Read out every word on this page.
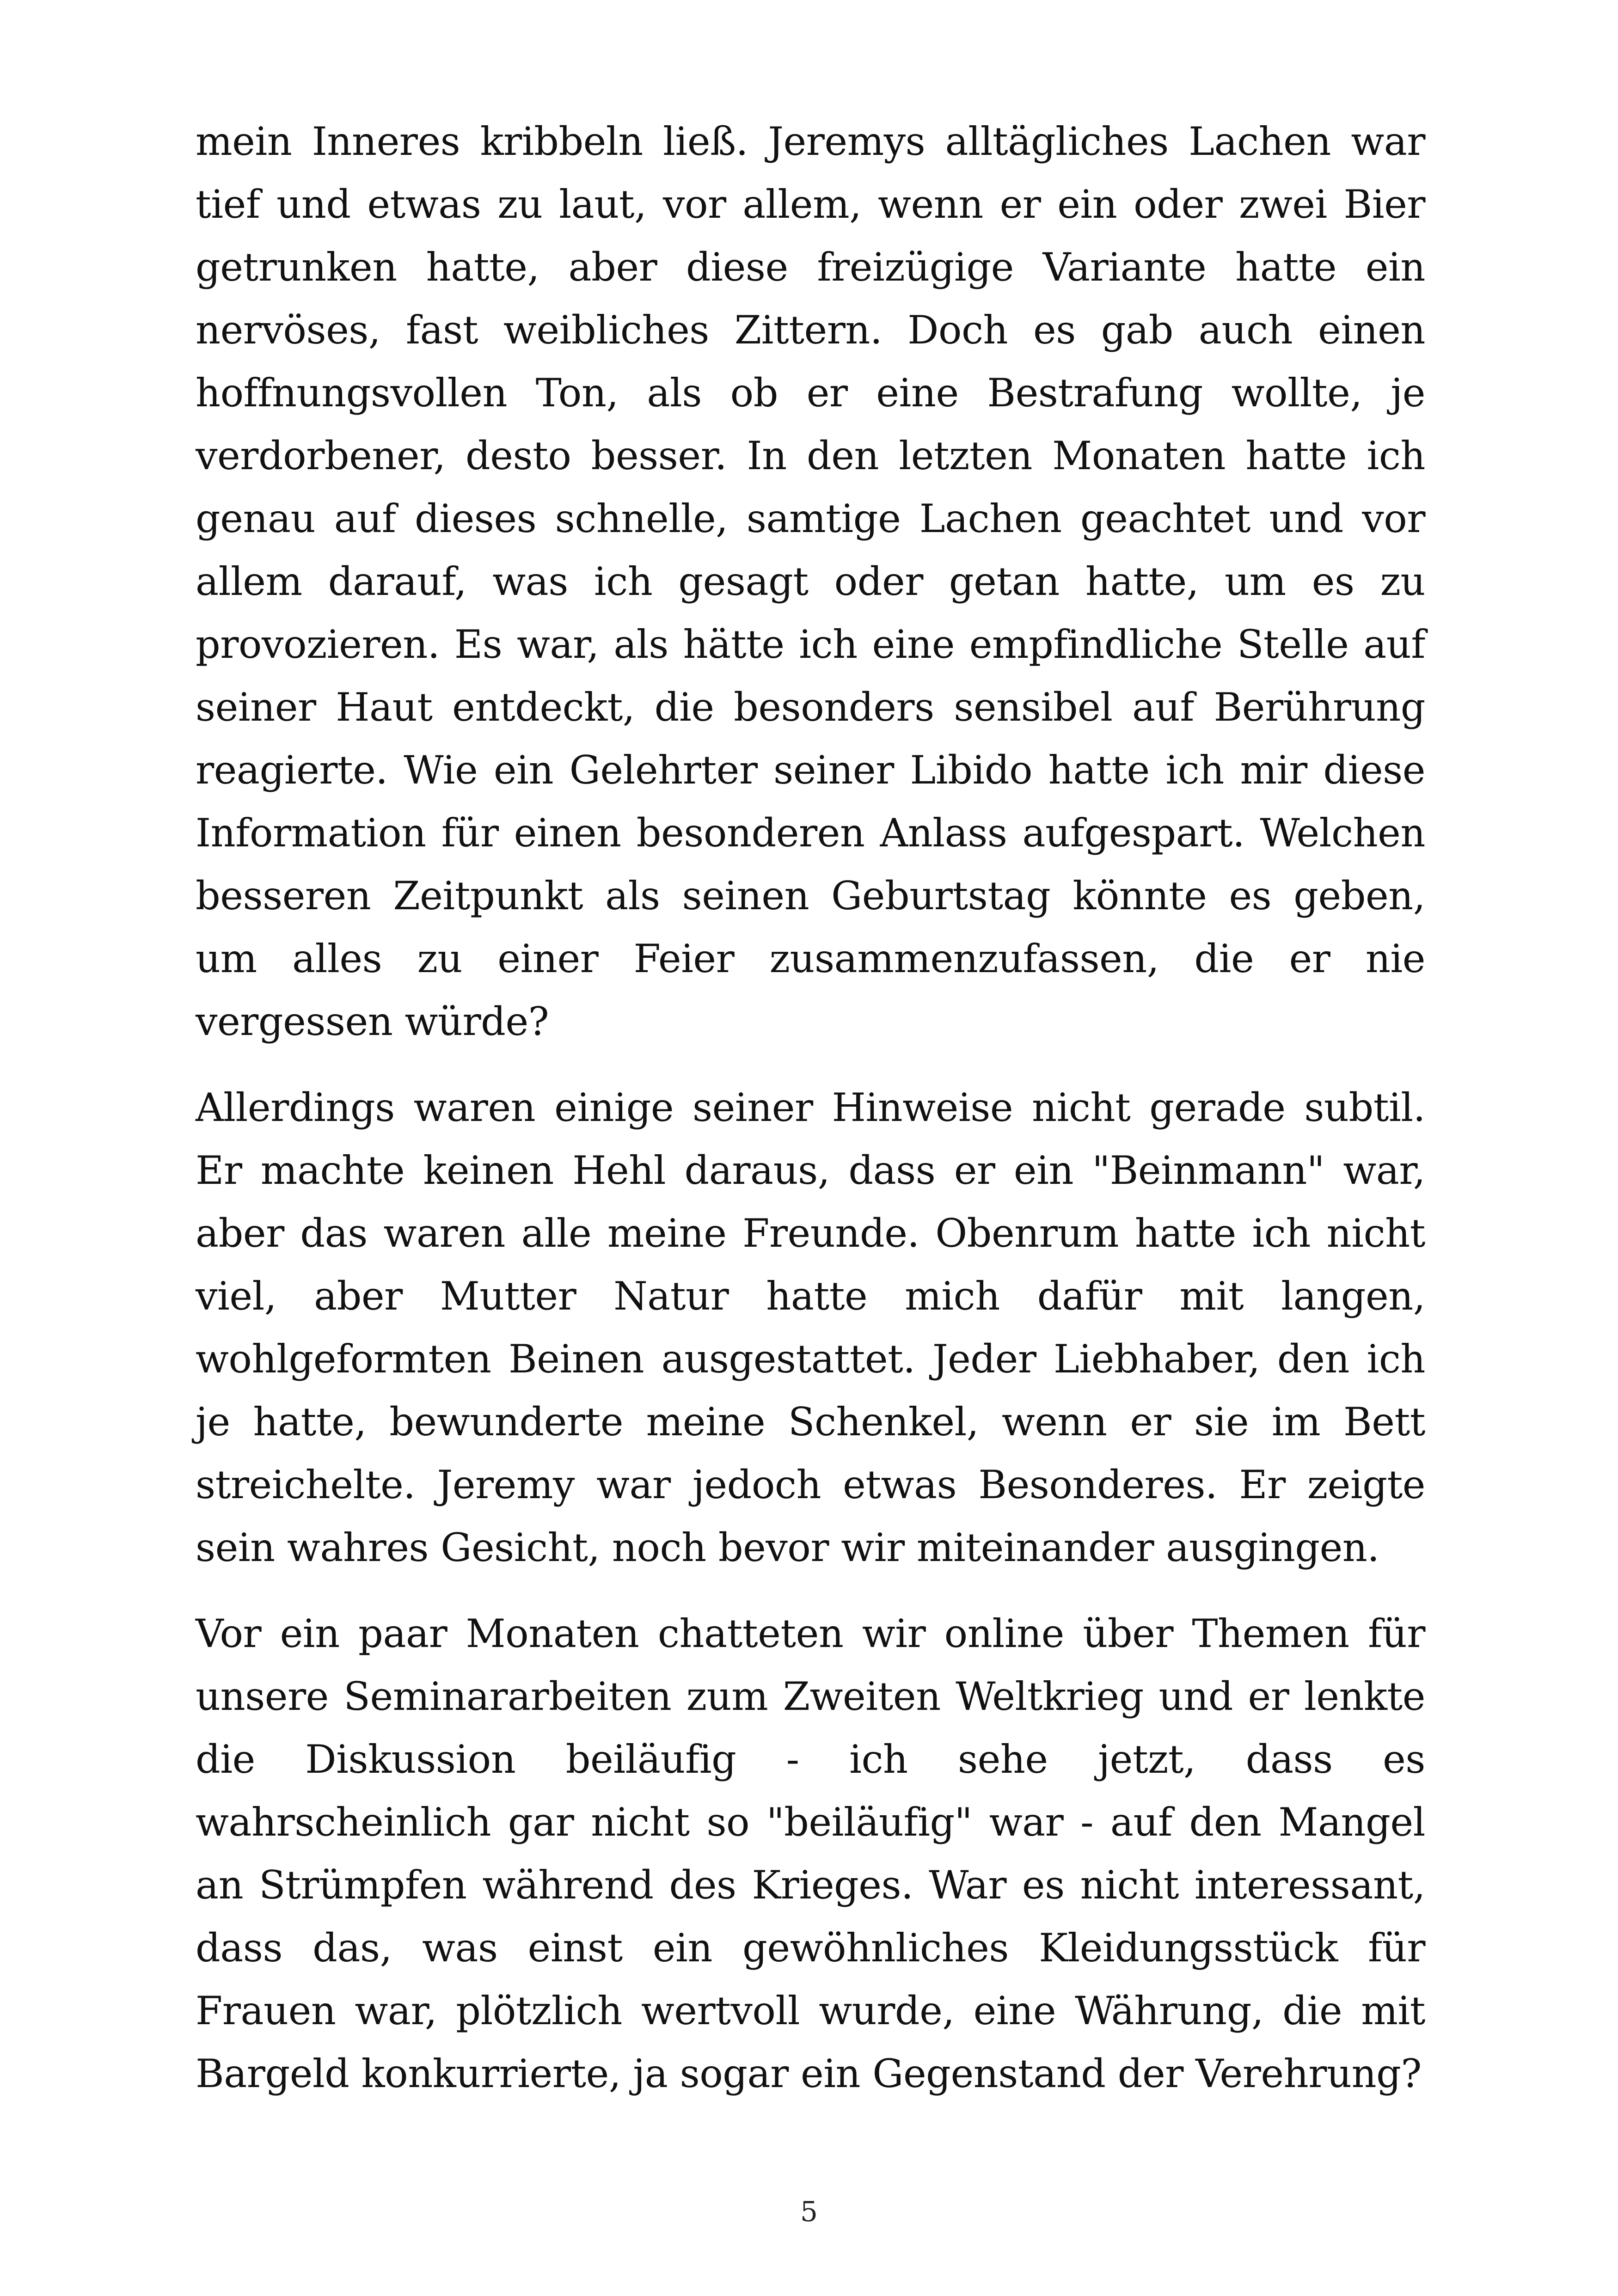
mein Inneres kribbeln ließ. Jeremys alltägliches Lachen war tief und etwas zu laut, vor allem, wenn er ein oder zwei Bier getrunken hatte, aber diese freizügige Variante hatte ein nervöses, fast weibliches Zittern. Doch es gab auch einen hoffnungsvollen Ton, als ob er eine Bestrafung wollte, je verdorbener, desto besser. In den letzten Monaten hatte ich genau auf dieses schnelle, samtige Lachen geachtet und vor allem darauf, was ich gesagt oder getan hatte, um es zu provozieren. Es war, als hätte ich eine empfindliche Stelle auf seiner Haut entdeckt, die besonders sensibel auf Berührung reagierte. Wie ein Gelehrter seiner Libido hatte ich mir diese Information für einen besonderen Anlass aufgespart. Welchen besseren Zeitpunkt als seinen Geburtstag könnte es geben, um alles zu einer Feier zusammenzufassen, die er nie vergessen würde?

Allerdings waren einige seiner Hinweise nicht gerade subtil. Er machte keinen Hehl daraus, dass er ein "Beinmann" war, aber das waren alle meine Freunde. Obenrum hatte ich nicht viel, aber Mutter Natur hatte mich dafür mit langen, wohlgeformten Beinen ausgestattet. Jeder Liebhaber, den ich je hatte, bewunderte meine Schenkel, wenn er sie im Bett streichelte. Jeremy war jedoch etwas Besonderes. Er zeigte sein wahres Gesicht, noch bevor wir miteinander ausgingen.

Vor ein paar Monaten chatteten wir online über Themen für unsere Seminararbeiten zum Zweiten Weltkrieg und er lenkte die Diskussion beiläufig - ich sehe jetzt, dass es wahrscheinlich gar nicht so "beiläufig" war - auf den Mangel an Strümpfen während des Krieges. War es nicht interessant, dass das, was einst ein gewöhnliches Kleidungsstück für Frauen war, plötzlich wertvoll wurde, eine Währung, die mit Bargeld konkurrierte, ja sogar ein Gegenstand der Verehrung?

5
